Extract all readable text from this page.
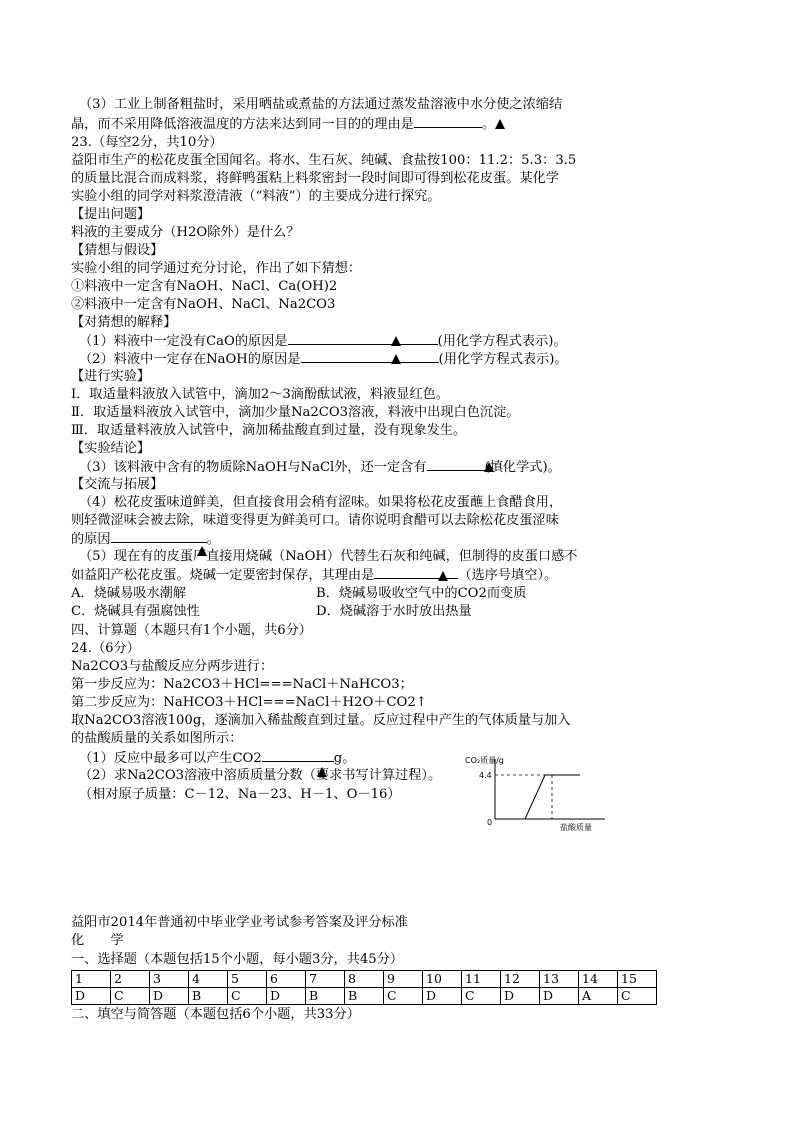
（3）工业上制备粗盐时，采用晒盐或煮盐的方法通过蒸发盐溶液中水分使之浓缩结
晶，而不采用降低溶液温度的方法来达到同一目的的理由是	。
23.（每空2分，共10分）
益阳市生产的松花皮蛋全国闻名。将水、生石灰、纯碱、食盐按100：11.2：5.3：3.5
的质量比混合而成料浆，将鲜鸭蛋粘上料浆密封一段时间即可得到松花皮蛋。某化学
实验小组的同学对料浆澄清液（“料液”）的主要成分进行探究。
【提出问题】
料液的主要成分（H2O除外）是什么？
【猜想与假设】
实验小组的同学通过充分讨论，作出了如下猜想：
①料液中一定含有NaOH、NaCl、Ca(OH)2
②料液中一定含有NaOH、NaCl、Na2CO3
【对猜想的解释】
（1）料液中一定没有CaO的原因是	(用化学方程式表示)。
（2）料液中一定存在NaOH的原因是	(用化学方程式表示)。
【进行实验】
Ⅰ．取适量料液放入试管中，滴加2～3滴酚酞试液，料液显红色。
Ⅱ．取适量料液放入试管中，滴加少量Na2CO3溶液，料液中出现白色沉淀。
Ⅲ．取适量料液放入试管中，滴加稀盐酸直到过量，没有现象发生。
【实验结论】
（3）该料液中含有的物质除NaOH与NaCl外，还一定含有	(填化学式)。
【交流与拓展】
（4）松花皮蛋味道鲜美，但直接食用会稍有涩味。如果将松花皮蛋蘸上食醋食用，
则轻微涩味会被去除，味道变得更为鲜美可口。请你说明食醋可以去除松花皮蛋涩味
的原因	。
（5）现在有的皮蛋厂直接用烧碱（NaOH）代替生石灰和纯碱，但制得的皮蛋口感不
如益阳产松花皮蛋。烧碱一定要密封保存，其理由是	（选序号填空）。
A．烧碱易吸水潮解	B．烧碱易吸收空气中的CO2而变质
C．烧碱具有强腐蚀性	D．烧碱溶于水时放出热量
四、计算题（本题只有1个小题，共6分）
24.（6分）
Na2CO3与盐酸反应分两步进行：
第一步反应为：Na2CO3＋HCl===NaCl＋NaHCO3；
第二步反应为：NaHCO3＋HCl===NaCl＋H2O＋CO2↑
取Na2CO3溶液100g，逐滴加入稀盐酸直到过量。反应过程中产生的气体质量与加入
的盐酸质量的关系如图所示：
（1）反应中最多可以产生CO2	g。
（2）求Na2CO3溶液中溶质质量分数（要求书写计算过程）。
（相对原子质量：C－12、Na－23、H－1、O－16）
CO₂质量/g
4.4
0
盐酸质量
益阳市2014年普通初中毕业学业考试参考答案及评分标准
化　　学
一、选择题（本题包括15个小题，每小题3分，共45分）
1	2	3	4	5	6	7	8	9	10	11	12	13	14	15
D	C	D	B	C	D	B	B	C	D	C	D	D	A	C
二、填空与简答题（本题包括6个小题，共33分）
